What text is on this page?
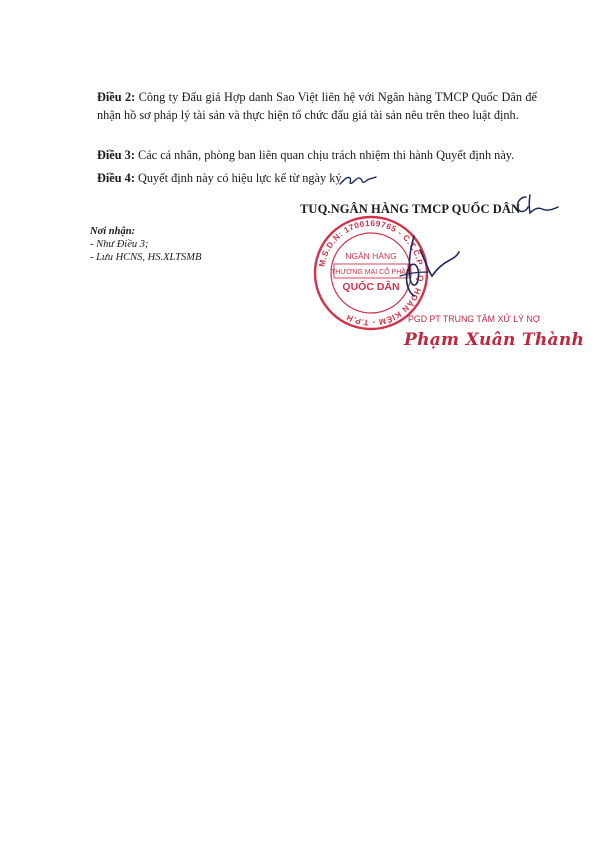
Điều 2: Công ty Đấu giá Hợp danh Sao Việt liên hệ với Ngân hàng TMCP Quốc Dân để nhận hồ sơ pháp lý tài sản và thực hiện tổ chức đấu giá tài sản nêu trên theo luật định.

Điều 3: Các cá nhân, phòng ban liên quan chịu trách nhiệm thi hành Quyết định này.

Điều 4: Quyết định này có hiệu lực kể từ ngày ký.

TUQ.NGÂN HÀNG TMCP QUỐC DÂN
Nơi nhận:
- Như Điều 3;
- Lưu HCNS, HS.XLTSMB	M.S.D.N: 1700169765 - C.T.C.P - Q. HOÀN KIẾM - T.P.H
NGÂN HÀNG
THƯƠNG MẠI CỔ PHẦN
QUỐC DÂN
PGD PT TRUNG TÂM XỬ LÝ NỢ
Phạm Xuân Thành
